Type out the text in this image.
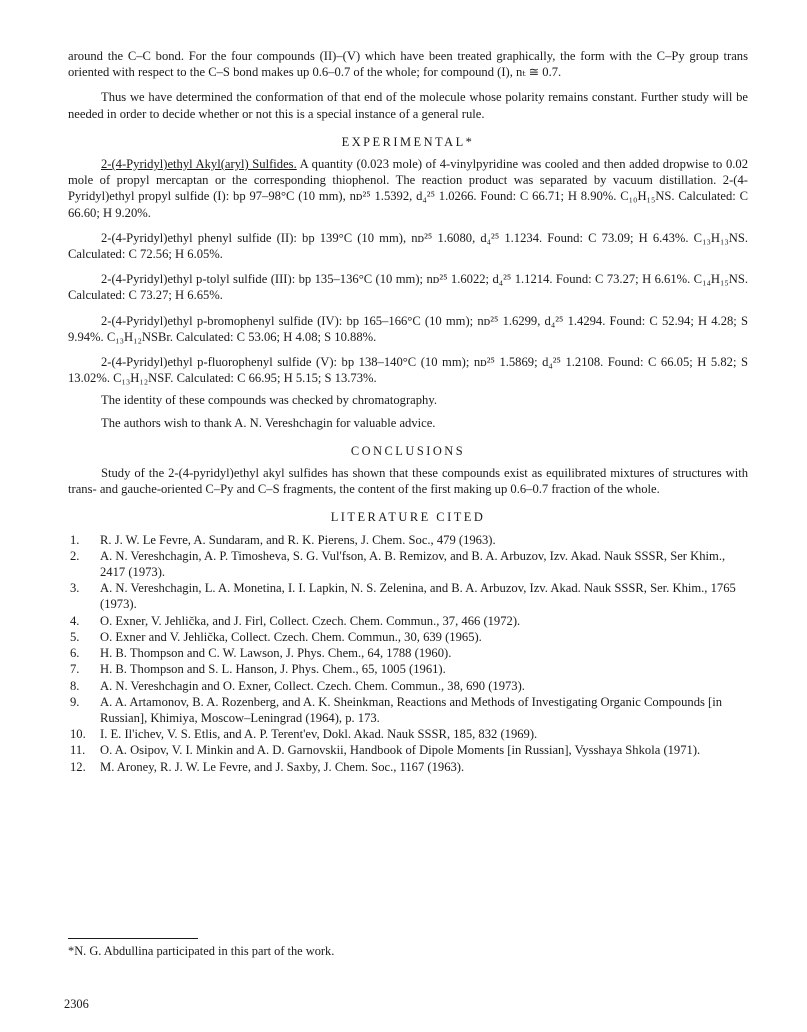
around the C–C bond. For the four compounds (II)–(V) which have been treated graphically, the form with the C–Py group trans oriented with respect to the C–S bond makes up 0.6–0.7 of the whole; for compound (I), nₜ ≅ 0.7.

Thus we have determined the conformation of that end of the molecule whose polarity remains constant. Further study will be needed in order to decide whether or not this is a special instance of a general rule.

EXPERIMENTAL*

2-(4-Pyridyl)ethyl Akyl(aryl) Sulfides. A quantity (0.023 mole) of 4-vinylpyridine was cooled and then added dropwise to 0.02 mole of propyl mercaptan or the corresponding thiophenol. The reaction product was separated by vacuum distillation. 2-(4-Pyridyl)ethyl propyl sulfide (I): bp 97–98°C (10 mm), nᴅ²⁵ 1.5392, d₄²⁵ 1.0266. Found: C 66.71; H 8.90%. C₁₀H₁₅NS. Calculated: C 66.60; H 9.20%.

2-(4-Pyridyl)ethyl phenyl sulfide (II): bp 139°C (10 mm), nᴅ²⁵ 1.6080, d₄²⁵ 1.1234. Found: C 73.09; H 6.43%. C₁₃H₁₃NS. Calculated: C 72.56; H 6.05%.

2-(4-Pyridyl)ethyl p-tolyl sulfide (III): bp 135–136°C (10 mm); nᴅ²⁵ 1.6022; d₄²⁵ 1.1214. Found: C 73.27; H 6.61%. C₁₄H₁₅NS. Calculated: C 73.27; H 6.65%.

2-(4-Pyridyl)ethyl p-bromophenyl sulfide (IV): bp 165–166°C (10 mm); nᴅ²⁵ 1.6299, d₄²⁵ 1.4294. Found: C 52.94; H 4.28; S 9.94%. C₁₃H₁₂NSBr. Calculated: C 53.06; H 4.08; S 10.88%.

2-(4-Pyridyl)ethyl p-fluorophenyl sulfide (V): bp 138–140°C (10 mm); nᴅ²⁵ 1.5869; d₄²⁵ 1.2108. Found: C 66.05; H 5.82; S 13.02%. C₁₃H₁₂NSF. Calculated: C 66.95; H 5.15; S 13.73%.

The identity of these compounds was checked by chromatography.

The authors wish to thank A. N. Vereshchagin for valuable advice.

CONCLUSIONS

Study of the 2-(4-pyridyl)ethyl akyl sulfides has shown that these compounds exist as equilibrated mixtures of structures with trans- and gauche-oriented C–Py and C–S fragments, the content of the first making up 0.6–0.7 fraction of the whole.

LITERATURE CITED
1.	R. J. W. Le Fevre, A. Sundaram, and R. K. Pierens, J. Chem. Soc., 479 (1963).
2.	A. N. Vereshchagin, A. P. Timosheva, S. G. Vul'fson, A. B. Remizov, and B. A. Arbuzov, Izv. Akad. Nauk SSSR, Ser Khim., 2417 (1973).
3.	A. N. Vereshchagin, L. A. Monetina, I. I. Lapkin, N. S. Zelenina, and B. A. Arbuzov, Izv. Akad. Nauk SSSR, Ser. Khim., 1765 (1973).
4.	O. Exner, V. Jehlička, and J. Firl, Collect. Czech. Chem. Commun., 37, 466 (1972).
5.	O. Exner and V. Jehlička, Collect. Czech. Chem. Commun., 30, 639 (1965).
6.	H. B. Thompson and C. W. Lawson, J. Phys. Chem., 64, 1788 (1960).
7.	H. B. Thompson and S. L. Hanson, J. Phys. Chem., 65, 1005 (1961).
8.	A. N. Vereshchagin and O. Exner, Collect. Czech. Chem. Commun., 38, 690 (1973).
9.	A. A. Artamonov, B. A. Rozenberg, and A. K. Sheinkman, Reactions and Methods of Investigating Organic Compounds [in Russian], Khimiya, Moscow–Leningrad (1964), p. 173.
10.	I. E. Il'ichev, V. S. Etlis, and A. P. Terent'ev, Dokl. Akad. Nauk SSSR, 185, 832 (1969).
11.	O. A. Osipov, V. I. Minkin and A. D. Garnovskii, Handbook of Dipole Moments [in Russian], Vysshaya Shkola (1971).
12.	M. Aroney, R. J. W. Le Fevre, and J. Saxby, J. Chem. Soc., 1167 (1963).
*N. G. Abdullina participated in this part of the work.
2306
